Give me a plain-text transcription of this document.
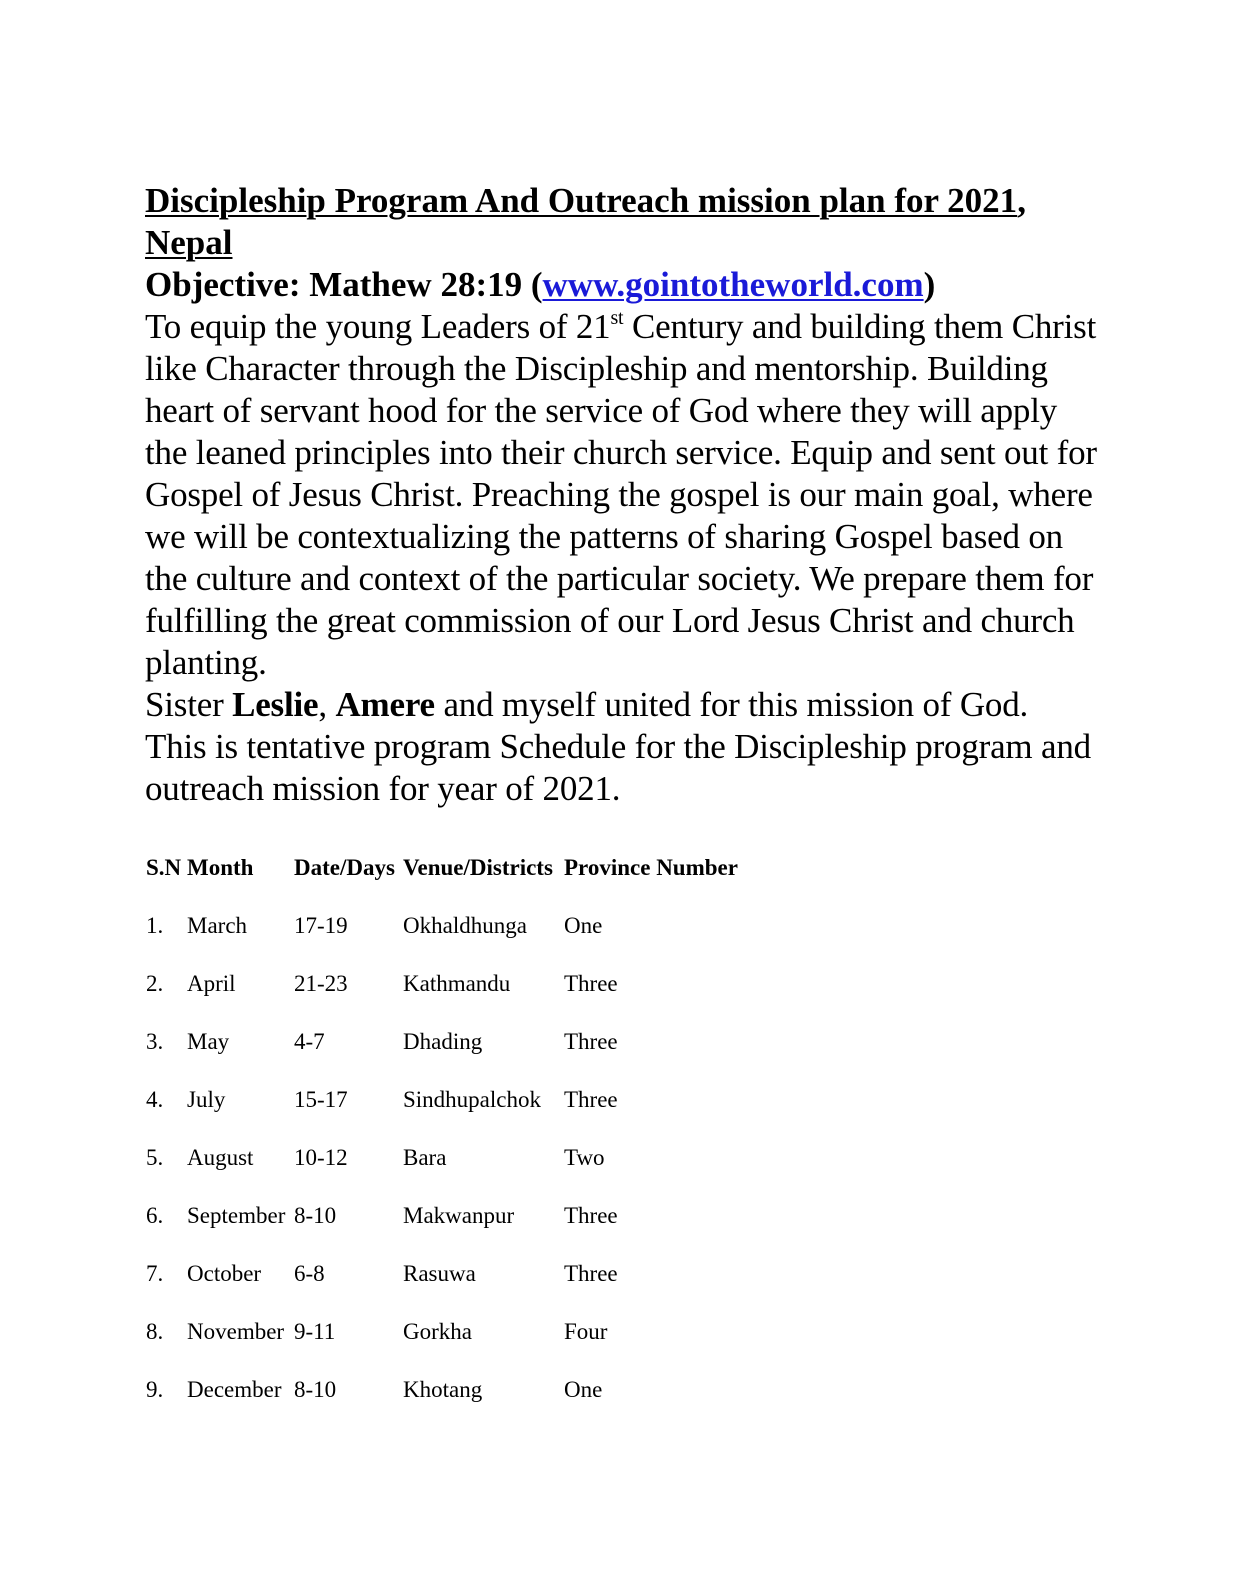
Discipleship Program And Outreach mission plan for 2021,
Nepal

Objective: Mathew 28:19 (www.gointotheworld.com)

To equip the young Leaders of 21st Century and building them Christ like Character through the Discipleship and mentorship. Building heart of servant hood for the service of God where they will apply the leaned principles into their church service. Equip and sent out for Gospel of Jesus Christ. Preaching the gospel is our main goal, where we will be contextualizing the patterns of sharing Gospel based on the culture and context of the particular society. We prepare them for fulfilling the great commission of our Lord Jesus Christ and church planting.

Sister Leslie, Amere and myself united for this mission of God.

This is tentative program Schedule for the Discipleship program and outreach mission for year of 2021.

S.N Month Date/Days Venue/Districts Province Number
1. March 17-19 Okhaldhunga One
2. April	21-23 Kathmandu Three
3. May	4-7	Dhading	Three
4. July	15-17 Sindhupalchok Three
5. August 10-12 Bara	Two
6. September 8-10	Makwanpur Three
7. October 6-8	Rasuwa	Three
8. November 9-11	Gorkha	Four
9. December 8-10	Khotang	One
